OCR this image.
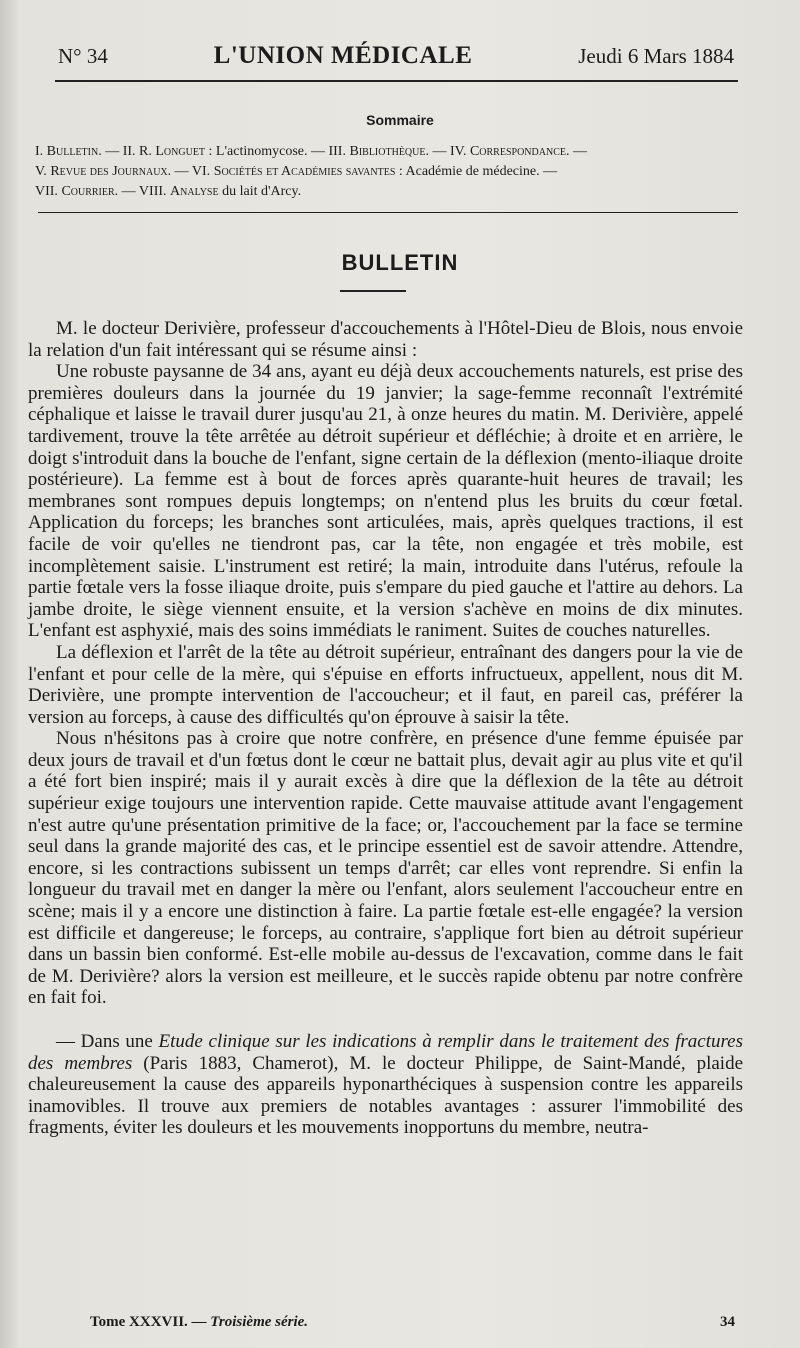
N° 34	L'UNION MÉDICALE	Jeudi 6 Mars 1884
Sommaire
I. Bulletin. — II. R. Longuet : L'actinomycose. — III. Bibliothèque. — IV. Correspondance. —
V. Revue des Journaux. — VI. Sociétés et Académies savantes : Académie de médecine. —
VII. Courrier. — VIII. Analyse du lait d'Arcy.
BULLETIN

M. le docteur Derivière, professeur d'accouchements à l'Hôtel-Dieu de Blois, nous envoie la relation d'un fait intéressant qui se résume ainsi :

Une robuste paysanne de 34 ans, ayant eu déjà deux accouchements naturels, est prise des premières douleurs dans la journée du 19 janvier; la sage-femme reconnaît l'extrémité céphalique et laisse le travail durer jusqu'au 21, à onze heures du matin. M. Derivière, appelé tardivement, trouve la tête arrêtée au détroit supérieur et défléchie; à droite et en arrière, le doigt s'introduit dans la bouche de l'enfant, signe certain de la déflexion (mento-iliaque droite postérieure). La femme est à bout de forces après quarante-huit heures de travail; les membranes sont rompues depuis longtemps; on n'entend plus les bruits du cœur fœtal. Application du forceps; les branches sont articulées, mais, après quelques tractions, il est facile de voir qu'elles ne tiendront pas, car la tête, non engagée et très mobile, est incomplètement saisie. L'instrument est retiré; la main, introduite dans l'utérus, refoule la partie fœtale vers la fosse iliaque droite, puis s'empare du pied gauche et l'attire au dehors. La jambe droite, le siège viennent ensuite, et la version s'achève en moins de dix minutes. L'enfant est asphyxié, mais des soins immédiats le raniment. Suites de couches naturelles.

La déflexion et l'arrêt de la tête au détroit supérieur, entraînant des dangers pour la vie de l'enfant et pour celle de la mère, qui s'épuise en efforts infructueux, appellent, nous dit M. Derivière, une prompte intervention de l'accoucheur; et il faut, en pareil cas, préférer la version au forceps, à cause des difficultés qu'on éprouve à saisir la tête.

Nous n'hésitons pas à croire que notre confrère, en présence d'une femme épuisée par deux jours de travail et d'un fœtus dont le cœur ne battait plus, devait agir au plus vite et qu'il a été fort bien inspiré; mais il y aurait excès à dire que la déflexion de la tête au détroit supérieur exige toujours une intervention rapide. Cette mauvaise attitude avant l'engagement n'est autre qu'une présentation primitive de la face; or, l'accouchement par la face se termine seul dans la grande majorité des cas, et le principe essentiel est de savoir attendre. Attendre, encore, si les contractions subissent un temps d'arrêt; car elles vont reprendre. Si enfin la longueur du travail met en danger la mère ou l'enfant, alors seulement l'accoucheur entre en scène; mais il y a encore une distinction à faire. La partie fœtale est-elle engagée? la version est difficile et dangereuse; le forceps, au contraire, s'applique fort bien au détroit supérieur dans un bassin bien conformé. Est-elle mobile au-dessus de l'excavation, comme dans le fait de M. Derivière? alors la version est meilleure, et le succès rapide obtenu par notre confrère en fait foi.

— Dans une Etude clinique sur les indications à remplir dans le traitement des fractures des membres (Paris 1883, Chamerot), M. le docteur Philippe, de Saint-Mandé, plaide chaleureusement la cause des appareils hyponarthéciques à suspension contre les appareils inamovibles. Il trouve aux premiers de notables avantages : assurer l'immobilité des fragments, éviter les douleurs et les mouvements inopportuns du membre, neutra-

Tome XXXVII. — Troisième série.	34
